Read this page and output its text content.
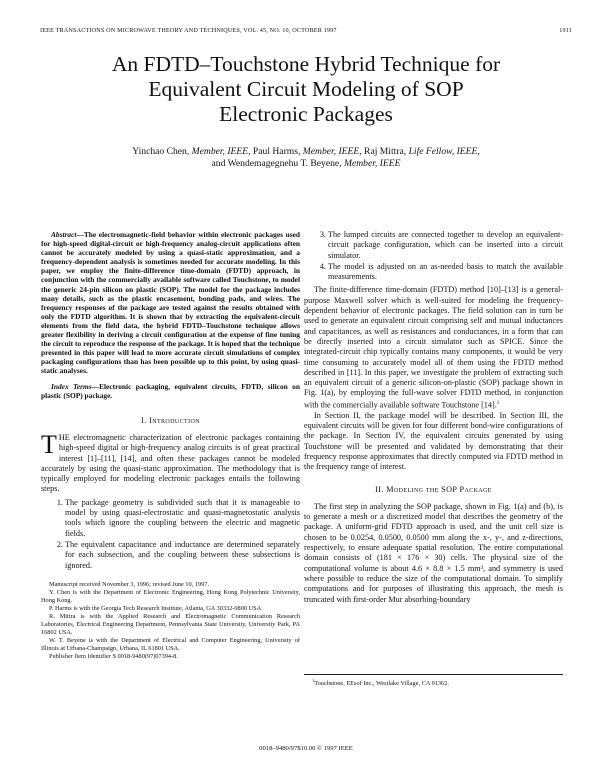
IEEE TRANSACTIONS ON MICROWAVE THEORY AND TECHNIQUES, VOL. 45, NO. 10, OCTOBER 1997	1911
An FDTD–Touchstone Hybrid Technique for
Equivalent Circuit Modeling of SOP
Electronic Packages
Yinchao Chen, Member, IEEE, Paul Harms, Member, IEEE, Raj Mittra, Life Fellow, IEEE,
and Wendemagegnehu T. Beyene, Member, IEEE

Abstract—The electromagnetic-field behavior within electronic packages used for high-speed digital-circuit or high-frequency analog-circuit applications often cannot be accurately modeled by using a quasi-static approximation, and a frequency-dependent analysis is sometimes needed for accurate modeling. In this paper, we employ the finite-difference time-domain (FDTD) approach, in conjunction with the commercially available software called Touchstone, to model the generic 24-pin silicon on plastic (SOP). The model for the package includes many details, such as the plastic encasement, bonding pads, and wires. The frequency responses of the package are tested against the results obtained with only the FDTD algorithm. It is shown that by extracting the equivalent-circuit elements from the field data, the hybrid FDTD–Touchstone technique allows greater flexibility in deriving a circuit configuration at the expense of fine tuning the circuit to reproduce the response of the package. It is hoped that the technique presented in this paper will lead to more accurate circuit simulations of complex packaging configurations than has been possible up to this point, by using quasi-static analyses.

Index Terms—Electronic packaging, equivalent circuits, FDTD, silicon on plastic (SOP) package.

I. Introduction

THE electromagnetic characterization of electronic packages containing high-speed digital or high-frequency analog circuits is of great practical interest [1]–[11], [14], and often these packages cannot be modeled accurately by using the quasi-static approximation. The methodology that is typically employed for modeling electronic packages entails the following steps.

1. The package geometry is subdivided such that it is manageable to model by using quasi-electrostatic and quasi-magnetostatic analysis tools which ignore the coupling between the electric and magnetic fields.
2. The equivalent capacitance and inductance are determined separately for each subsection, and the coupling between these subsections is ignored.

Manuscript received November 3, 1996; revised June 10, 1997.

Y. Chen is with the Department of Electronic Engineering, Hong Kong Polytechnic University, Hong Kong.

P. Harms is with the Georgia Tech Research Institute, Atlanta, GA 30332-0800 USA.

R. Mittra is with the Applied Research and Electromagnetic Communication Research Laboratories, Electrical Engineering Department, Pennsylvania State University, University Park, PA 16802 USA.

W. T. Beyene is with the Department of Electrical and Computer Engineering, University of Illinois at Urbana-Champaign, Urbana, IL 61801 USA.

Publisher Item Identifier S 0018-9480(97)07394-8.

3. The lumped circuits are connected together to develop an equivalent-circuit package configuration, which can be inserted into a circuit simulator.
4. The model is adjusted on an as-needed basis to match the available measurements.

The finite-difference time-domain (FDTD) method [10]–[13] is a general-purpose Maxwell solver which is well-suited for modeling the frequency-dependent behavior of electronic packages. The field solution can in turn be used to generate an equivalent circuit comprising self and mutual inductances and capacitances, as well as resistances and conductances, in a form that can be directly inserted into a circuit simulator such as SPICE. Since the integrated-circuit chip typically contains many components, it would be very time consuming to accurately model all of them using the FDTD method described in [11]. In this paper, we investigate the problem of extracting such an equivalent circuit of a generic silicon-on-plastic (SOP) package shown in Fig. 1(a), by employing the full-wave solver FDTD method, in conjunction with the commercially available software Touchstone [14].$^1$

In Section II, the package model will be described. In Section III, the equivalent circuits will be given for four different bond-wire configurations of the package. In Section IV, the equivalent circuits generated by using Touchstone will be presented and validated by demonstrating that their frequency response approximates that directly computed via FDTD method in the frequency range of interest.

II. Modeling the SOP Package

The first step in analyzing the SOP package, shown in Fig. 1(a) and (b), is to generate a mesh or a discretized model that describes the geometry of the package. A uniform-grid FDTD approach is used, and the unit cell size is chosen to be 0.0254, 0.0500, 0.0500 mm along the x-, y-, and z-directions, respectively, to ensure adequate spatial resolution. The entire computational domain consists of (181 × 176 × 30) cells. The physical size of the computational volume is about 4.6 × 8.8 × 1.5 mm³, and symmetry is used where possible to reduce the size of the computational domain. To simplify computations and for purposes of illustrating this approach, the mesh is truncated with first-order Mur absorbing-boundary

$^1$Touchstone, EEsof Inc., Westlake Village, CA 91362.

0018–9480/97$10.00 © 1997 IEEE
